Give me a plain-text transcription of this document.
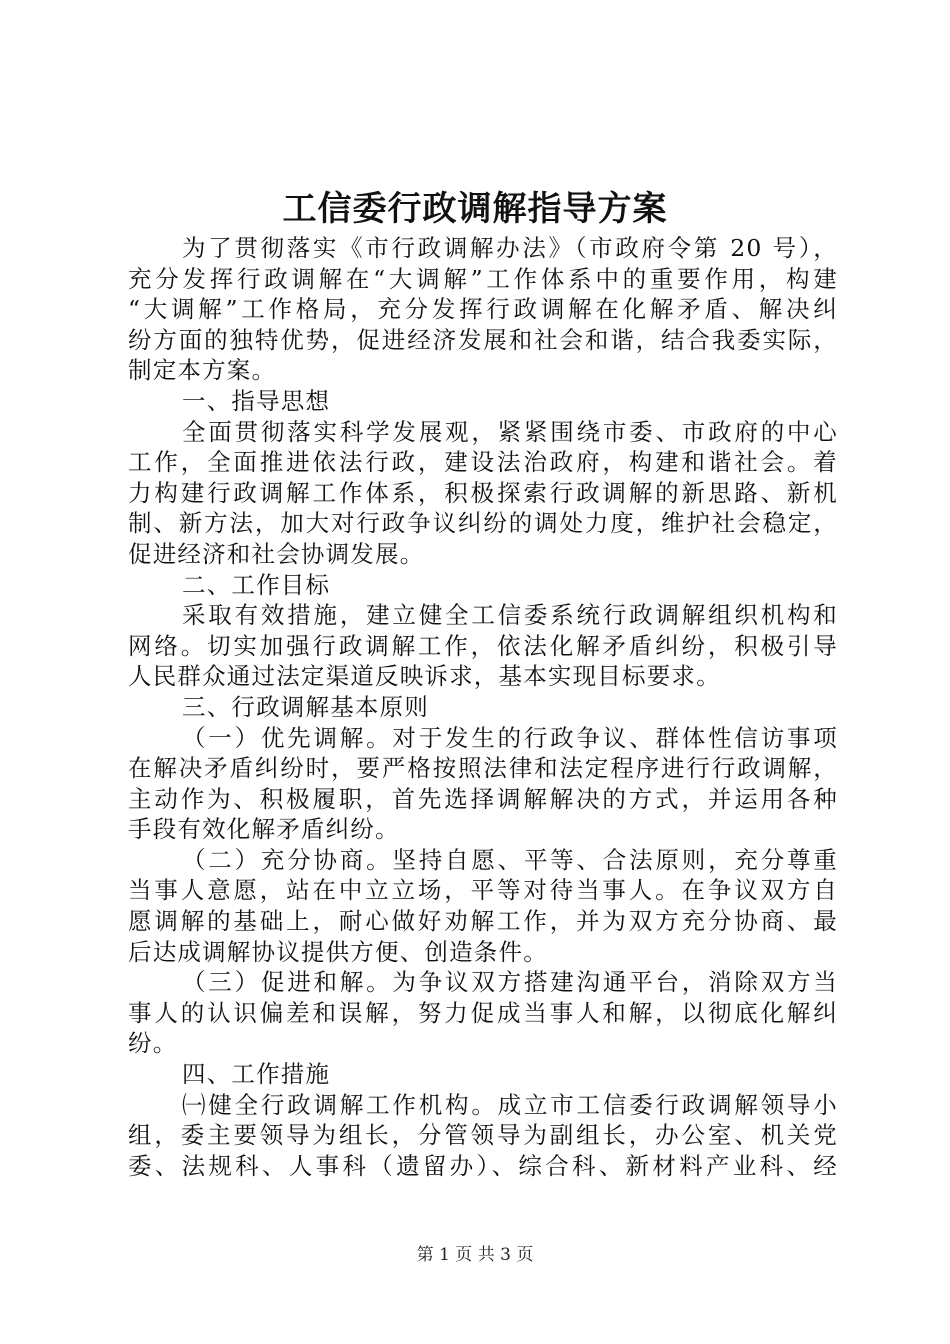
工信委行政调解指导方案
为了贯彻落实《市行政调解办法》（市政府令第 20 号），
充分发挥行政调解在“大调解”工作体系中的重要作用，构建
“大调解”工作格局，充分发挥行政调解在化解矛盾、解决纠
纷方面的独特优势，促进经济发展和社会和谐，结合我委实际，
制定本方案。
一、指导思想
全面贯彻落实科学发展观，紧紧围绕市委、市政府的中心
工作，全面推进依法行政，建设法治政府，构建和谐社会。着
力构建行政调解工作体系，积极探索行政调解的新思路、新机
制、新方法，加大对行政争议纠纷的调处力度，维护社会稳定，
促进经济和社会协调发展。
二、工作目标
采取有效措施，建立健全工信委系统行政调解组织机构和
网络。切实加强行政调解工作，依法化解矛盾纠纷，积极引导
人民群众通过法定渠道反映诉求，基本实现目标要求。
三、行政调解基本原则
（一）优先调解。对于发生的行政争议、群体性信访事项
在解决矛盾纠纷时，要严格按照法律和法定程序进行行政调解，
主动作为、积极履职，首先选择调解解决的方式，并运用各种
手段有效化解矛盾纠纷。
（二）充分协商。坚持自愿、平等、合法原则，充分尊重
当事人意愿，站在中立立场，平等对待当事人。在争议双方自
愿调解的基础上，耐心做好劝解工作，并为双方充分协商、最
后达成调解协议提供方便、创造条件。
（三）促进和解。为争议双方搭建沟通平台，消除双方当
事人的认识偏差和误解，努力促成当事人和解，以彻底化解纠
纷。
四、工作措施
㈠健全行政调解工作机构。成立市工信委行政调解领导小
组，委主要领导为组长，分管领导为副组长，办公室、机关党
委、法规科、人事科（遗留办）、综合科、新材料产业科、经
第 1 页 共 3 页
